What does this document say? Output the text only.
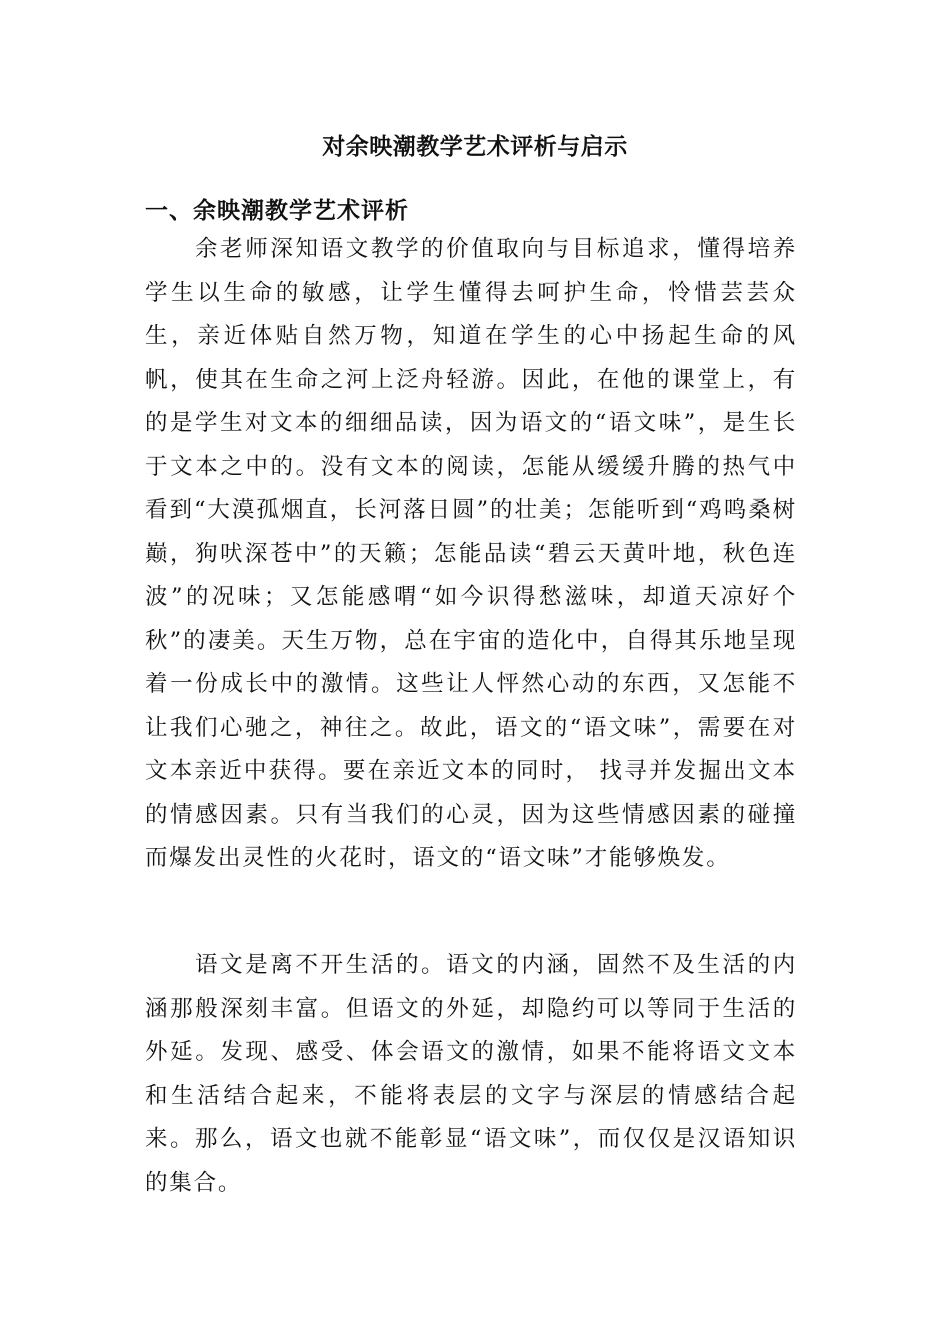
对余映潮教学艺术评析与启示
一、余映潮教学艺术评析

余老师深知语文教学的价值取向与目标追求，懂得培养学生以生命的敏感，让学生懂得去呵护生命，怜惜芸芸众生，亲近体贴自然万物，知道在学生的心中扬起生命的风帆，使其在生命之河上泛舟轻游。因此，在他的课堂上，有的是学生对文本的细细品读，因为语文的“语文味”，是生长于文本之中的。没有文本的阅读，怎能从缓缓升腾的热气中看到“大漠孤烟直，长河落日圆”的壮美；怎能听到“鸡鸣桑树巅，狗吠深苍中”的天籁；怎能品读“碧云天黄叶地，秋色连波”的况味；又怎能感喟“如今识得愁滋味，却道天凉好个秋”的凄美。天生万物，总在宇宙的造化中，自得其乐地呈现着一份成长中的激情。这些让人怦然心动的东西，又怎能不让我们心驰之，神往之。故此，语文的“语文味”，需要在对文本亲近中获得。要在亲近文本的同时， 找寻并发掘出文本的情感因素。只有当我们的心灵，因为这些情感因素的碰撞而爆发出灵性的火花时，语文的“语文味”才能够焕发。

语文是离不开生活的。语文的内涵，固然不及生活的内涵那般深刻丰富。但语文的外延，却隐约可以等同于生活的外延。发现、感受、体会语文的激情，如果不能将语文文本和生活结合起来，不能将表层的文字与深层的情感结合起来。那么，语文也就不能彰显“语文味”，而仅仅是汉语知识的集合。
